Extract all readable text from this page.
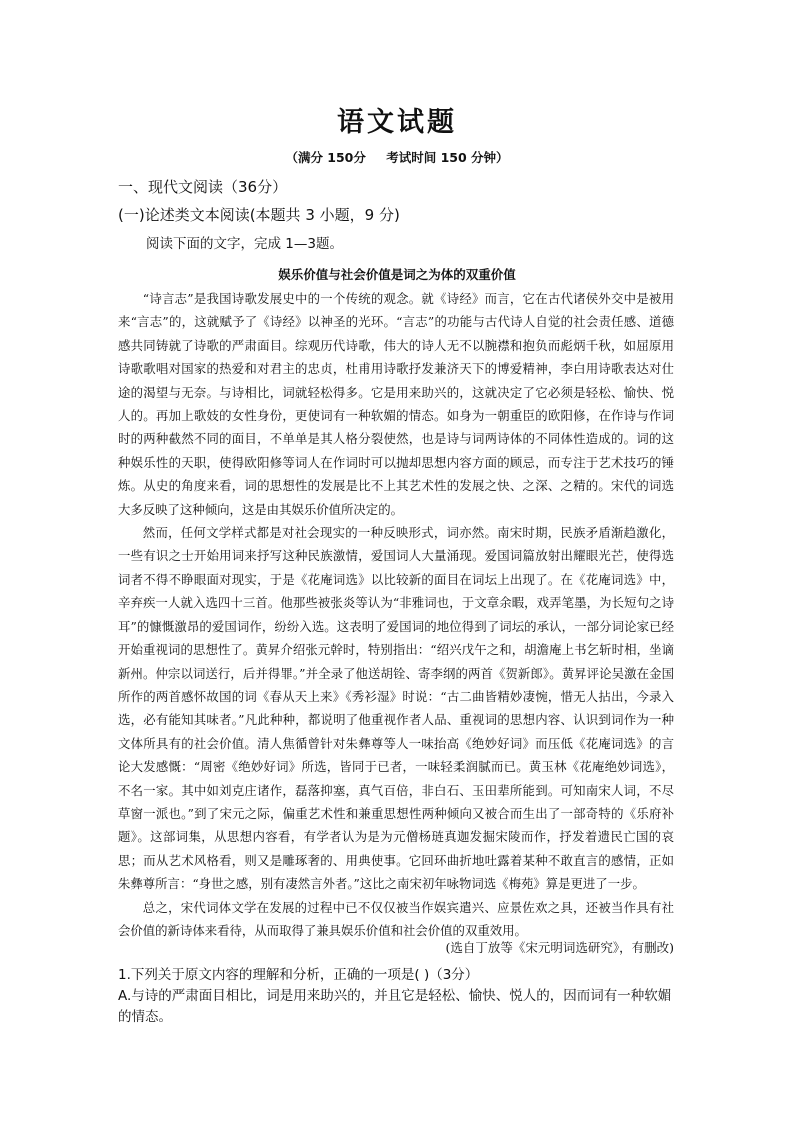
语文试题
（满分 150分 考试时间 150 分钟）
一、现代文阅读（36分）
(一)论述类文本阅读(本题共 3 小题，9 分)
阅读下面的文字，完成 1—3题。
娱乐价值与社会价值是词之为体的双重价值

“诗言志”是我国诗歌发展史中的一个传统的观念。就《诗经》而言，它在古代诸侯外交中是被用来“言志”的，这就赋予了《诗经》以神圣的光环。“言志”的功能与古代诗人自觉的社会责任感、道德感共同铸就了诗歌的严肃面目。综观历代诗歌，伟大的诗人无不以腕襟和抱负而彪炳千秋，如屈原用诗歌歌唱对国家的热爱和对君主的忠贞，杜甫用诗歌抒发兼济天下的博爱精神，李白用诗歌表达对仕途的渴望与无奈。与诗相比，词就轻松得多。它是用来助兴的，这就决定了它必须是轻松、愉快、悦人的。再加上歌妓的女性身份，更使词有一种软媚的情态。如身为一朝重臣的欧阳修，在作诗与作词时的两种截然不同的面目，不单单是其人格分裂使然，也是诗与词两诗体的不同体性造成的。词的这种娱乐性的天职，使得欧阳修等词人在作词时可以抛却思想内容方面的顾忌，而专注于艺术技巧的锤炼。从史的角度来看，词的思想性的发展是比不上其艺术性的发展之快、之深、之精的。宋代的词选大多反映了这种倾向，这是由其娱乐价值所决定的。

然而，任何文学样式都是对社会现实的一种反映形式，词亦然。南宋时期，民族矛盾渐趋激化，一些有识之士开始用词来抒写这种民族激情，爱国词人大量涌现。爱国词篇放射出耀眼光芒，使得选词者不得不睁眼面对现实，于是《花庵词选》以比较新的面目在词坛上出现了。在《花庵词选》中，辛弃疾一人就入选四十三首。他那些被张炎等认为“非雅词也，于文章余暇，戏弄笔墨，为长短句之诗耳”的慷慨激昂的爱国词作，纷纷入选。这表明了爱国词的地位得到了词坛的承认，一部分词论家已经开始重视词的思想性了。黄昇介绍张元幹时，特别指出：“绍兴戊午之和，胡澹庵上书乞斩时相，坐谪新州。仲宗以词送行，后并得罪。”并全录了他送胡铨、寄李纲的两首《贺新郎》。黄昇评论吴激在金国所作的两首感怀故国的词《春从天上来》《秀衫湿》时说：“古二曲皆精妙凄惋，惜无人拈出，今录入选，必有能知其味者。”凡此种种，都说明了他重视作者人品、重视词的思想内容、认识到词作为一种文体所具有的社会价值。清人焦循曾针对朱彝尊等人一味抬高《绝妙好词》而压低《花庵词选》的言论大发感慨：“周密《绝妙好词》所选，皆同于已者，一味轻柔润腻而已。黄玉林《花庵绝妙词选》，不名一家。其中如刘克庄诸作，磊落抑塞，真气百倍，非白石、玉田辈所能到。可知南宋人词，不尽草窗一派也。”到了宋元之际，偏重艺术性和兼重思想性两种倾向又被合而生出了一部奇特的《乐府补题》。这部词集，从思想内容看，有学者认为是为元僧杨琏真迦发掘宋陵而作，抒发着遗民亡国的哀思；而从艺术风格看，则又是雕琢奢的、用典使事。它回环曲折地吐露着某种不敢直言的感情，正如朱彝尊所言：“身世之感，别有凄然言外者。”这比之南宋初年咏物词选《梅苑》算是更进了一步。

总之，宋代词体文学在发展的过程中已不仅仅被当作娱宾遣兴、应景佐欢之具，还被当作具有社会价值的新诗体来看待，从而取得了兼具娱乐价值和社会价值的双重效用。

(选自丁放等《宋元明词选研究》，有删改)
1.下列关于原文内容的理解和分析，正确的一项是( )（3分）
A.与诗的严肃面目相比，词是用来助兴的，并且它是轻松、愉快、悦人的，因而词有一种软媚的情态。
